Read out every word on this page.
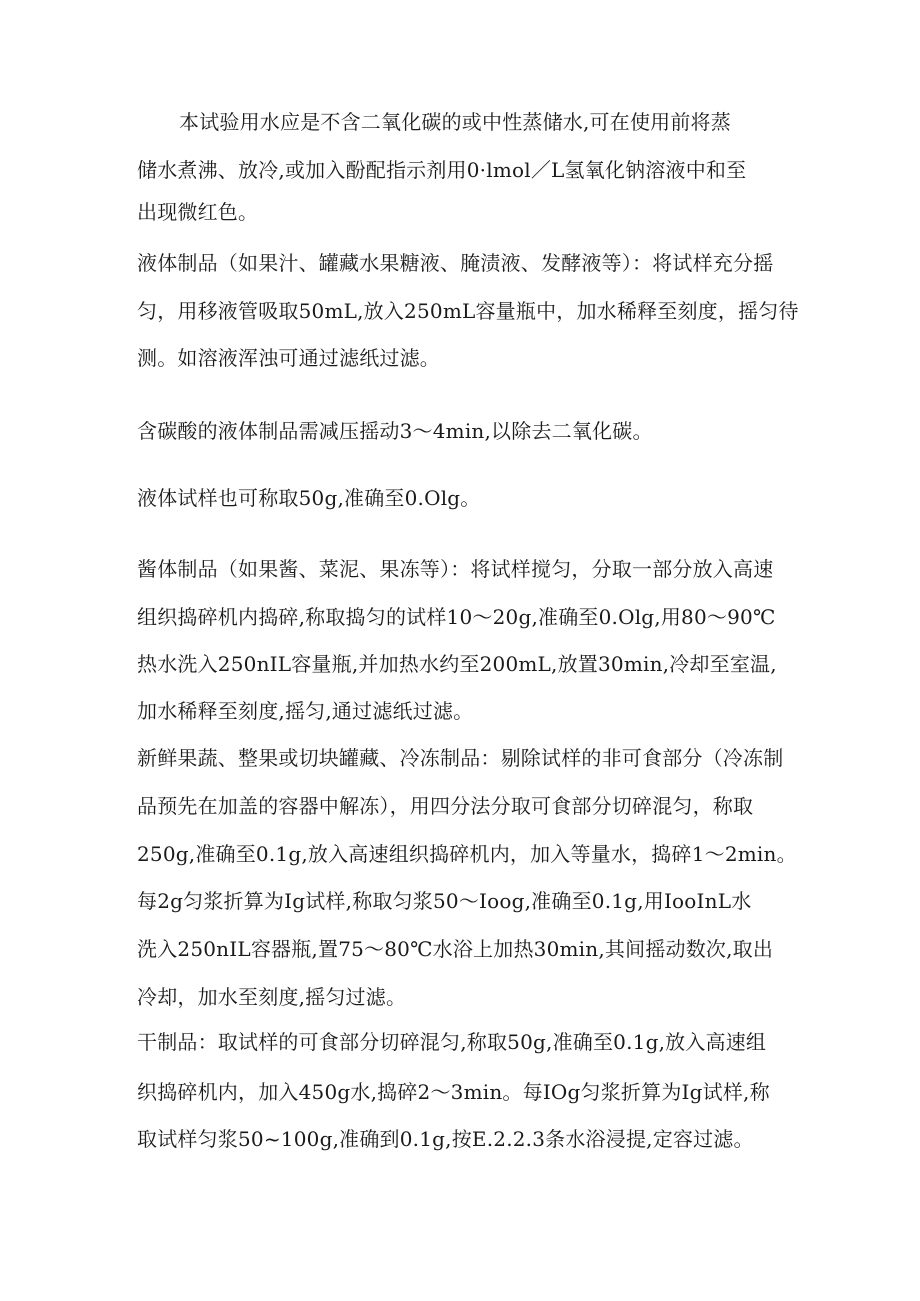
本试验用水应是不含二氧化碳的或中性蒸储水,可在使用前将蒸
储水煮沸、放冷,或加入酚配指示剂用0·lmol／L氢氧化钠溶液中和至
出现微红色。
液体制品（如果汁、罐藏水果糖液、腌渍液、发酵液等）：将试样充分摇
匀，用移液管吸取50mL,放入250mL容量瓶中，加水稀释至刻度，摇匀待
测。如溶液浑浊可通过滤纸过滤。
含碳酸的液体制品需减压摇动3～4min,以除去二氧化碳。
液体试样也可称取50g,准确至0.Olg。
酱体制品（如果酱、菜泥、果冻等）：将试样搅匀，分取一部分放入高速
组织捣碎机内捣碎,称取捣匀的试样10～20g,准确至0.Olg,用80～90℃
热水洗入250nIL容量瓶,并加热水约至200mL,放置30min,冷却至室温,
加水稀释至刻度,摇匀,通过滤纸过滤。
新鲜果蔬、整果或切块罐藏、冷冻制品：剔除试样的非可食部分（冷冻制
品预先在加盖的容器中解冻），用四分法分取可食部分切碎混匀，称取
250g,准确至0.1g,放入高速组织捣碎机内，加入等量水，捣碎1～2min。
每2g匀浆折算为Ig试样,称取匀浆50～Ioog,准确至0.1g,用IooInL水
洗入250nIL容器瓶,置75～80℃水浴上加热30min,其间摇动数次,取出
冷却，加水至刻度,摇匀过滤。
干制品：取试样的可食部分切碎混匀,称取50g,准确至0.1g,放入高速组
织捣碎机内，加入450g水,捣碎2～3min。每IOg匀浆折算为Ig试样,称
取试样匀浆50~100g,准确到0.1g,按E.2.2.3条水浴浸提,定容过滤。
